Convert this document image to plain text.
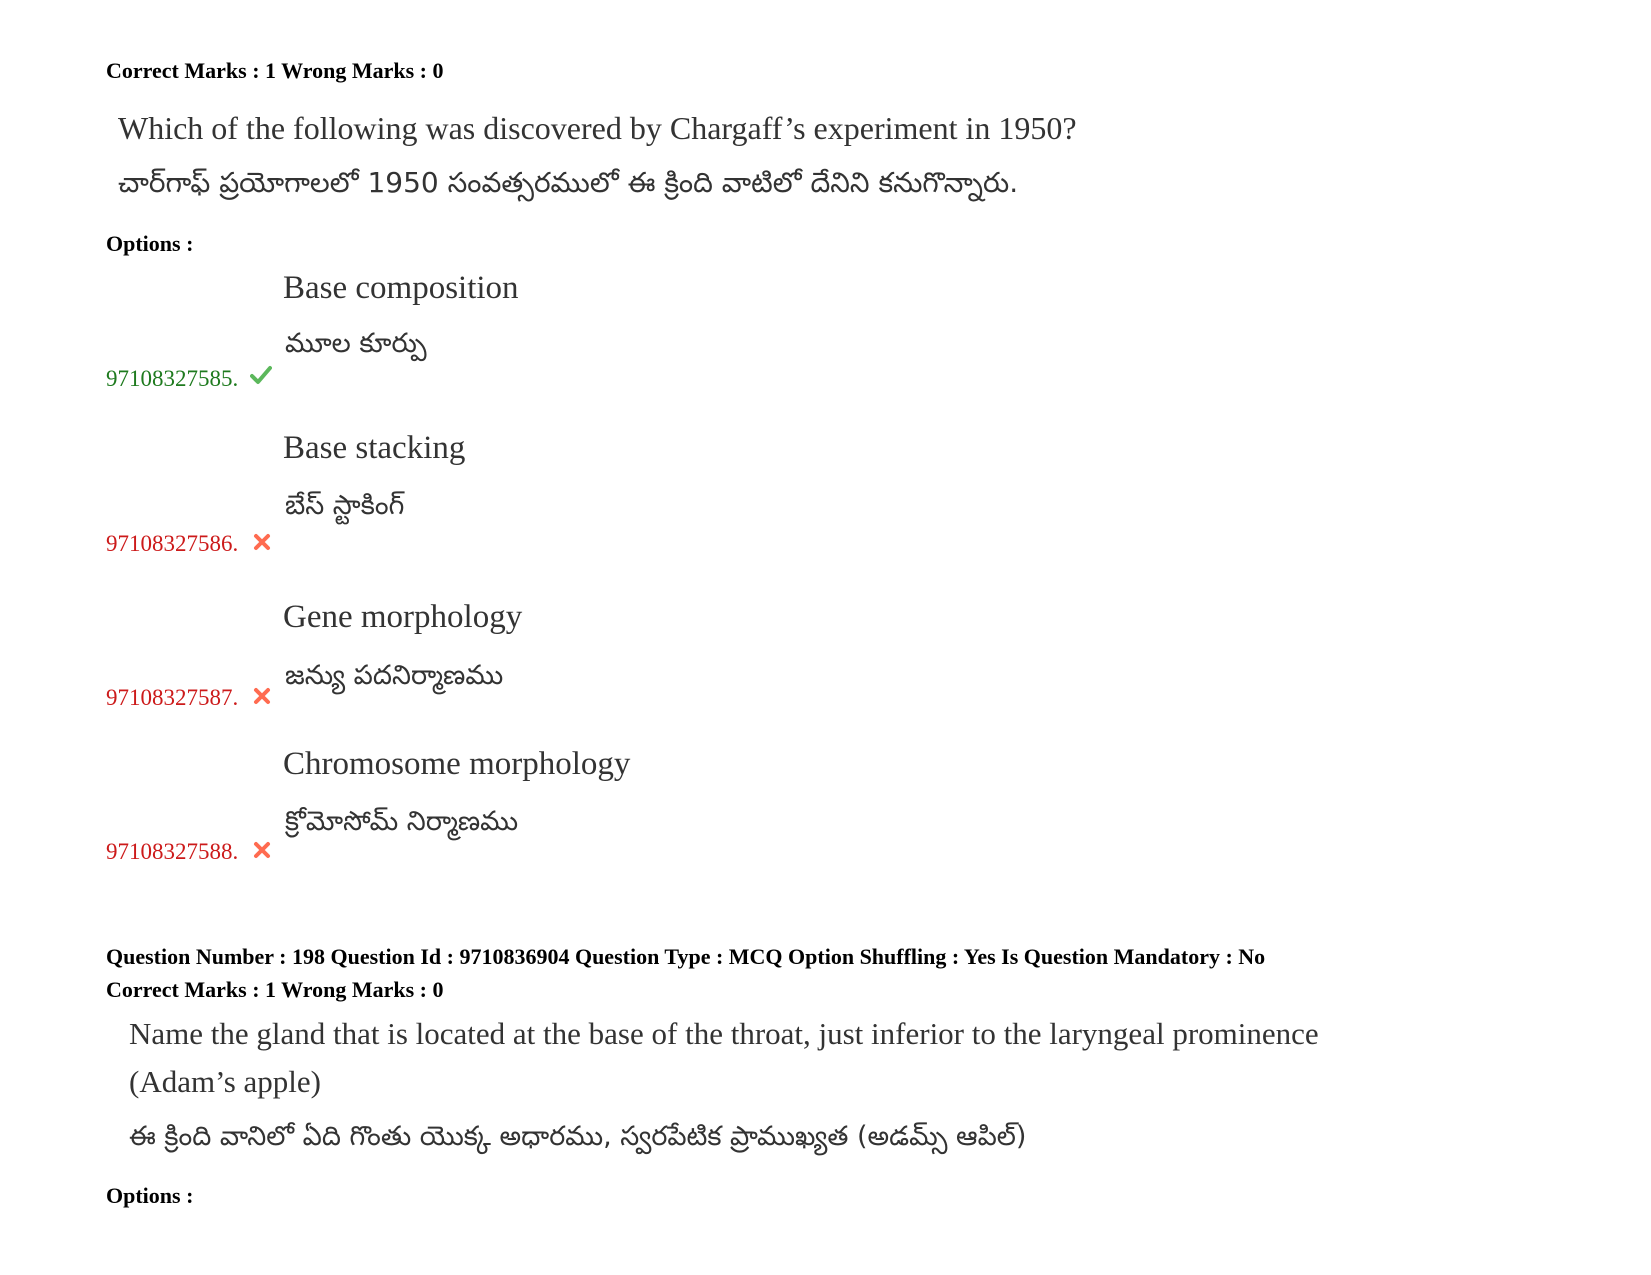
Correct Marks : 1 Wrong Marks : 0
Which of the following was discovered by Chargaff’s experiment in 1950?
చార్‌గాఫ్ ప్రయోగాలలో 1950 సంవత్సరములో ఈ క్రింది వాటిలో దేనిని కనుగొన్నారు.
Options :
Base composition
మూల కూర్పు
97108327585.
Base stacking
బేస్ స్టాకింగ్
97108327586.
Gene morphology
జన్యు పదనిర్మాణము
97108327587.
Chromosome morphology
క్రోమోసోమ్ నిర్మాణము
97108327588.
Question Number : 198 Question Id : 9710836904 Question Type : MCQ Option Shuffling : Yes Is Question Mandatory : No
Correct Marks : 1 Wrong Marks : 0
Name the gland that is located at the base of the throat, just inferior to the laryngeal prominence
(Adam’s apple)
ఈ క్రింది వానిలో ఏది గొంతు యొక్క అధారము, స్వరపేటిక ప్రాముఖ్యత (అడమ్స్ ఆపిల్)
Options :
